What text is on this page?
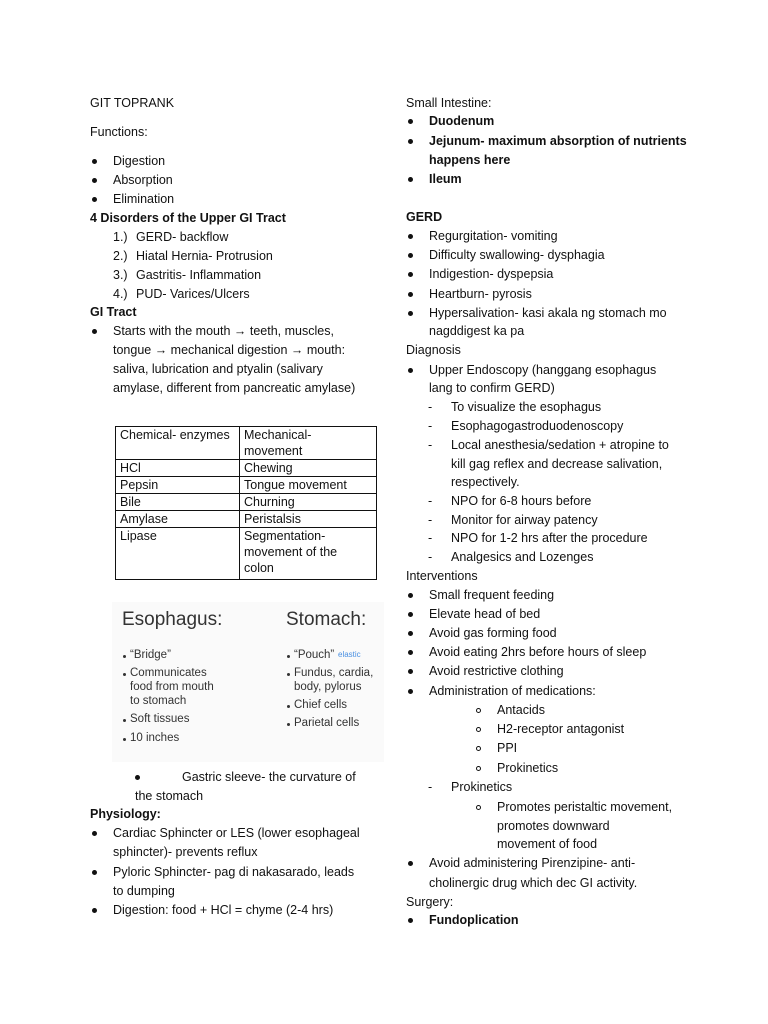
GIT TOPRANK
Functions:
Digestion
Absorption
Elimination
4 Disorders of the Upper GI Tract
1.) GERD- backflow
2.) Hiatal Hernia- Protrusion
3.) Gastritis- Inflammation
4.) PUD- Varices/Ulcers
GI Tract
Starts with the mouth → teeth, muscles,
tongue → mechanical digestion → mouth:
saliva, lubrication and ptyalin (salivary
amylase, different from pancreatic amylase)
Chemical- enzymes	Mechanical-
movement
HCl	Chewing
Pepsin	Tongue movement
Bile	Churning
Amylase	Peristalsis
Lipase	Segmentation-
movement of the
colon
Esophagus:
“Bridge”
Communicates
food from mouth
to stomach
Soft tissues
10 inches
Stomach:
“Pouch” elastic
Fundus, cardia,
body, pylorus
Chief cells
Parietal cells
Gastric sleeve- the curvature of
the stomach
Physiology:
Cardiac Sphincter or LES (lower esophageal
sphincter)- prevents reflux
Pyloric Sphincter- pag di nakasarado, leads
to dumping
Digestion: food + HCl = chyme (2-4 hrs)
Small Intestine:
Duodenum
Jejunum- maximum absorption of nutrients
happens here
Ileum
GERD
Regurgitation- vomiting
Difficulty swallowing- dysphagia
Indigestion- dyspepsia
Heartburn- pyrosis
Hypersalivation- kasi akala ng stomach mo
nagddigest ka pa
Diagnosis
Upper Endoscopy (hanggang esophagus
lang to confirm GERD)
- To visualize the esophagus
- Esophagogastroduodenoscopy
- Local anesthesia/sedation + atropine to
kill gag reflex and decrease salivation,
respectively.
- NPO for 6-8 hours before
- Monitor for airway patency
- NPO for 1-2 hrs after the procedure
- Analgesics and Lozenges
Interventions
Small frequent feeding
Elevate head of bed
Avoid gas forming food
Avoid eating 2hrs before hours of sleep
Avoid restrictive clothing
Administration of medications:
Antacids
H2-receptor antagonist
PPI
Prokinetics
- Prokinetics
Promotes peristaltic movement,
promotes downward
movement of food
Avoid administering Pirenzipine- anti-
cholinergic drug which dec GI activity.
Surgery:
Fundoplication
